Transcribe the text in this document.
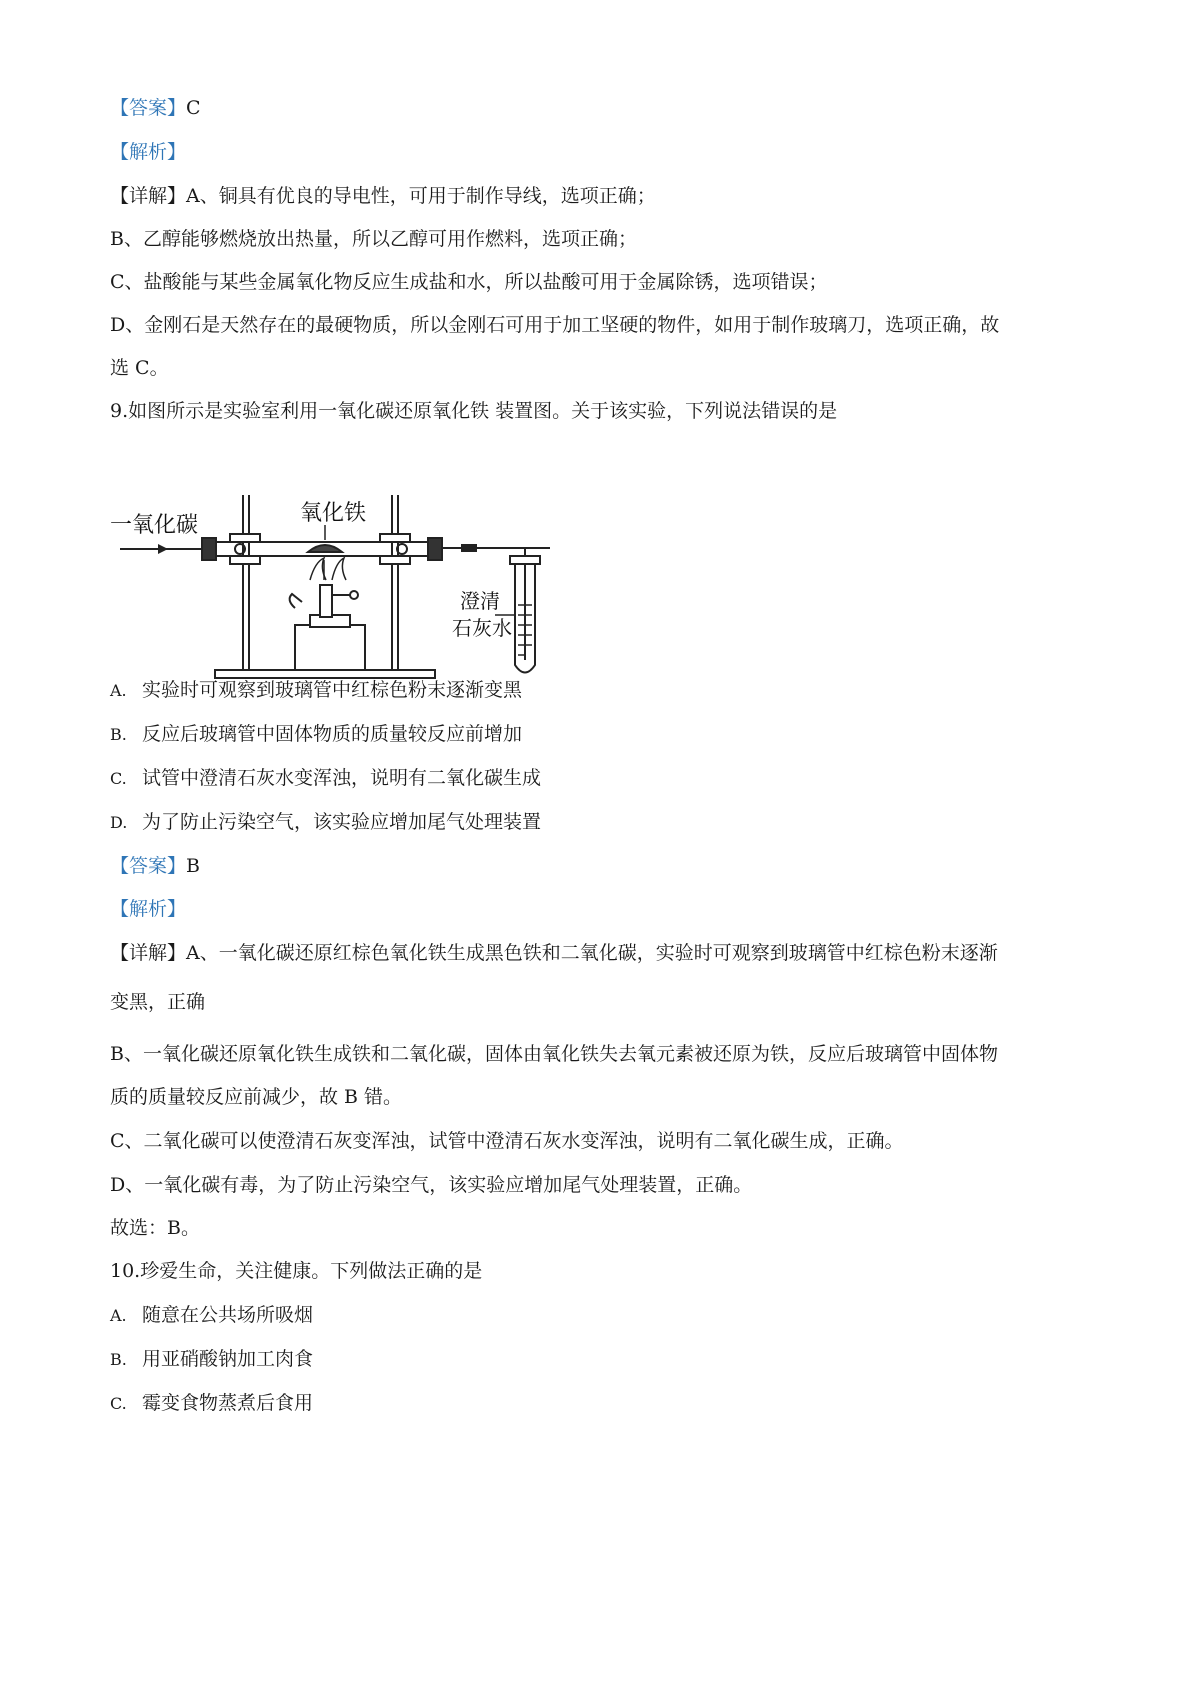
【答案】C
【解析】
【详解】A、铜具有优良的导电性，可用于制作导线，选项正确；
B、乙醇能够燃烧放出热量，所以乙醇可用作燃料，选项正确；
C、盐酸能与某些金属氧化物反应生成盐和水，所以盐酸可用于金属除锈，选项错误；
D、金刚石是天然存在的最硬物质，所以金刚石可用于加工坚硬的物件，如用于制作玻璃刀，选项正确，故
选 C。
9.如图所示是实验室利用一氧化碳还原氧化铁 装置图。关于该实验，下列说法错误的是
一氧化碳	氧化铁
澄清
石灰水
A. 实验时可观察到玻璃管中红棕色粉末逐渐变黑
B. 反应后玻璃管中固体物质的质量较反应前增加
C. 试管中澄清石灰水变浑浊，说明有二氧化碳生成
D. 为了防止污染空气，该实验应增加尾气处理装置
【答案】B
【解析】
【详解】A、一氧化碳还原红棕色氧化铁生成黑色铁和二氧化碳，实验时可观察到玻璃管中红棕色粉末逐渐
变黑，正确
B、一氧化碳还原氧化铁生成铁和二氧化碳，固体由氧化铁失去氧元素被还原为铁，反应后玻璃管中固体物
质的质量较反应前减少，故 B 错。
C、二氧化碳可以使澄清石灰变浑浊，试管中澄清石灰水变浑浊，说明有二氧化碳生成，正确。
D、一氧化碳有毒，为了防止污染空气，该实验应增加尾气处理装置，正确。
故选：B。
10.珍爱生命，关注健康。下列做法正确的是
A. 随意在公共场所吸烟
B. 用亚硝酸钠加工肉食
C. 霉变食物蒸煮后食用
